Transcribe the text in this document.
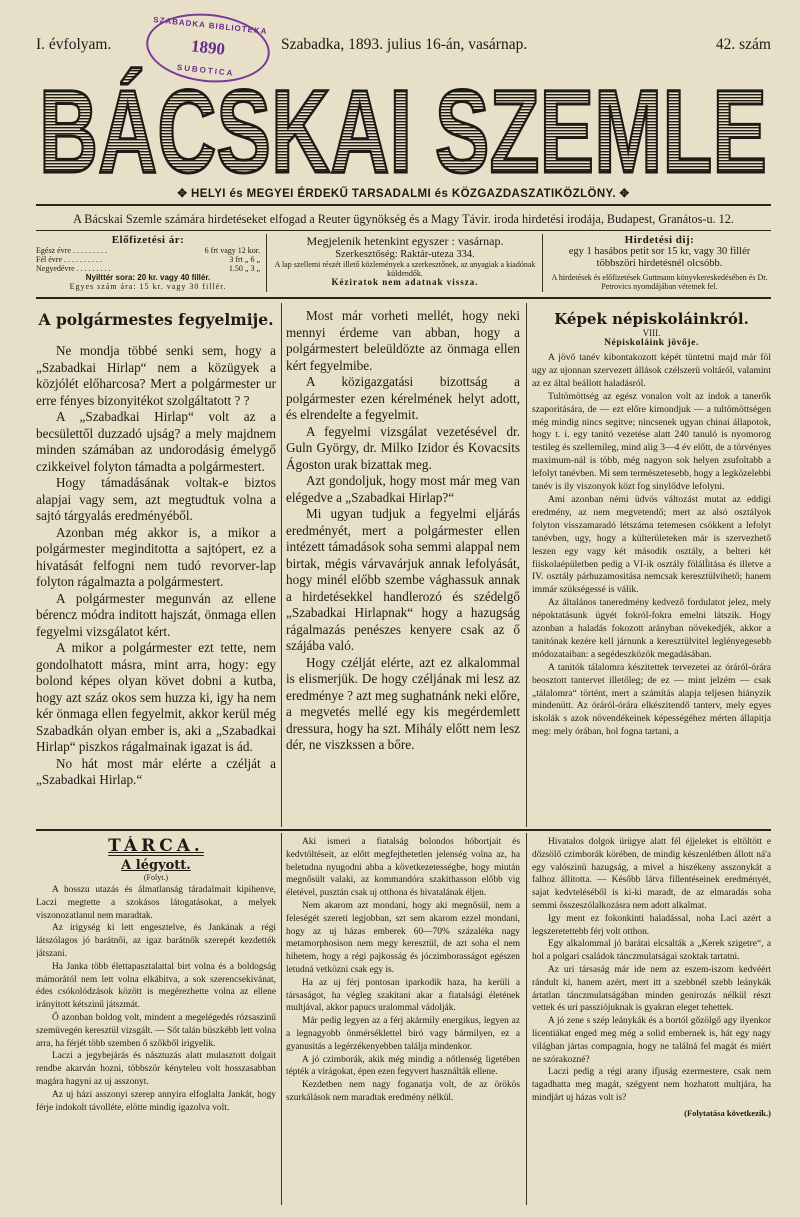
I. évfolyam.	Szabadka, 1893. julius 16-án, vasárnap.	42. szám
SZABADKA BIBLIOTEKA
1890
SUBOTICA
BÁCSKAI SZEMLE
✥ HELYI és MEGYEI ÉRDEKŰ TARSADALMI és KÖZGAZDASZATIKÖZLÖNY. ✥
A Bácskai Szemle számára hirdetéseket elfogad a Reuter ügynökség és a Magy Távir. iroda hirdetési irodája, Budapest, Granátos-u. 12.
Előfizetési ár:
Egész évre . . . . . . . . .	6 frt vagy 12 kor.
Fél évre . . . . . . . . . .	3 frt „ 6 „
Negyedévre . . . . . . . . .	1.50 „ 3 „
Nyilttér sora: 20 kr. vagy 40 fillér.
Egyes szám ára: 15 kr. vagy 30 fillér.
Megjelenik hetenkint egyszer : vasárnap.
Szerkesztőség: Raktár-uteza 334.
A lap szellemi részét illető közlemények a szerkesztőnek, az anyagiak a kiadónak küldendők.
Kéziratok nem adatnak vissza.
Hirdetési dij:
egy 1 hasábos petit sor 15 kr, vagy 30 fillér többszöri hirdetésnél olcsóbb.
A hirdetések és előfizetések Guttmann könyvkereskedésében és Dr. Petrovics nyomdájában vétetnek fel.
A polgármestes fegyelmije.

Ne mondja többé senki sem, hogy a „Szabadkai Hirlap“ nem a közügyek a közjólét előharcosa? Mert a polgármester ur erre fényes bizonyitékot szolgáltatott ? ?

A „Szabadkai Hirlap“ volt az a becsülettől duzzadó ujság? a mely majdnem minden számában az undorodásig émelygő czikkeivel folyton támadta a polgármestert.

Hogy támadásának voltak-e biztos alapjai vagy sem, azt megtudtuk volna a sajtó tárgyalás eredményéből.

Azonban még akkor is, a mikor a polgármester meginditotta a sajtópert, ez a hivatását felfogni nem tudó revorver-lap folyton rágalmazta a polgármestert.

A polgármester megunván az ellene bérencz módra inditott hajszát, önmaga ellen fegyelmi vizsgálatot kért.

A mikor a polgármester ezt tette, nem gondolhatott másra, mint arra, hogy: egy bolond képes olyan követ dobni a kutba, hogy azt száz okos sem huzza ki, igy ha nem kér önmaga ellen fegyelmit, akkor kerül még Szabadkán olyan ember is, aki a „Szabadkai Hirlap“ piszkos rágalmainak igazat is ád.

No hát most már elérte a czélját a „Szabadkai Hirlap.“

Most már vorheti mellét, hogy neki mennyi érdeme van abban, hogy a polgármestert beleüldözte az önmaga ellen kért fegyelmibe.

A közigazgatási bizottság a polgármester ezen kérelmének helyt adott, és elrendelte a fegyelmit.

A fegyelmi vizsgálat vezetésével dr. Guln György, dr. Milko Izidor és Kovacsits Ágoston urak bizattak meg.

Azt gondoljuk, hogy most már meg van elégedve a „Szabadkai Hirlap?“

Mi ugyan tudjuk a fegyelmi eljárás eredményét, mert a polgármester ellen intézett támadások soha semmi alappal nem birtak, mégis várvavárjuk annak lefolyását, hogy minél előbb szembe vághassuk annak a hirdetésekkel handlerozó és szédelgő „Szabadkai Hirlapnak“ hogy a hazugság rágalmazás penészes kenyere csak az ő szájába való.

Hogy czélját elérte, azt ez alkalommal is elismerjük. De hogy czéljának mi lesz az eredménye ? azt meg sughatnánk neki előre, a megvetés mellé egy kis megérdemlett dressura, hogy ha szt. Mihály előtt nem lesz dér, ne viszkssen a bőre.

Képek népiskoláinkról.
VIII.
Népiskoláink jövője.

A jövő tanév kibontakozott képét tüntetni majd már föl ugy az ujonnan szervezett állások czélszerü voltáról, valamint az ez által beállott haladásról.

Tultömöttség az egész vonalon volt az indok a tanerők szaporitására, de — ezt előre kimondjuk — a tultömöttségen még mindig nincs segitve; nincsenek ugyan chinai állapotok, hogy t. i. egy tanitó vezetése alatt 240 tanuló is nyomorog testileg és szellemileg, mind alig 3—4 év előtt, de a törvényes maximum-nál is több, még nagyon sok helyen zsufoltabb a lefolyt tanévben. Mi sem természetesebb, hogy a legközelebbi tanév is ily viszonyok közt fog sinylődve lefolyni.

Ami azonban némi üdvös változást mutat az eddigi eredmény, az nem megvetendő; mert az alsó osztályok folyton visszamaradó létszáma tetemesen csökkent a lefolyt tanévben, ugy, hogy a külterületeken már is szervezhető leszen egy vagy két második osztály, a belteri két fiiskolaépületben pedig a VI-ik osztály fölálĺitása és illetve a IV. osztály párhuzamositása nemcsak keresztülvihető; hanem immár szükségessé is válik.

Az általános taneredmény kedvező fordulatot jelez, mely népoktatásunk ügyét fokról-fokra emelni látszik. Hogy azonban a haladás fokozott arányban növekedjék, akkor a tanitónak kezére kell járnunk a keresztülvitel leglényegesebb módozataiban: a segédeszközök megadásában.

A tanitók tálalomra készitettek tervezetei az óráról-órára beosztott tantervet illetőleg; de ez — mint jelzém — csak „tálalomra“ történt, mert a számítás alapja teljesen hiányzik mindenütt. Az óráról-órára elkészitendő tanterv, mely egyes iskolák s azok növendékeinek képességéhez mérten állapitja meg: mely órában, hol fogna tartani, a

TÁRCA.
A légyott.
(Folyt.)

A hosszu utazás és álmatlanság táradalmait kipihenve, Laczi megtette a szokásos látogatásokat, a melyek viszonozatlanul nem maradtak.

Az irigység ki lett engesztelve, és Jankának a régi látszólagos jó barátnői, az igaz barátnők szerepét kezdették játszani.

Ha Janka több élettapasztalattal birt volna és a boldogság mámorától nem lett volna elkábitva, a sok szerencsekivánat, édes csókolódzások között is megérezhette volna az ellene irányitott kétszinű játszmát.

Ő azonban boldog volt, mindent a megelégedés rózsaszinű szemüvegén keresztül vizsgált. — Sőt talán büszkébb lett volna arra, ha férjét több szemben ő szőkből irigyelik.

Laczi a jegybejárás és násztuzás alatt mulasztott dolgait rendbe akarván hozni, többször kényteleu volt hosszasabban magára hagyni az uj asszonyt.

Az uj házi asszonyi szerep annyira elfoglalta Jankát, hogy férje indokolt távolléte, elötte mindig igazolva volt.

Aki ismeri a fiatalság bolondos hóbortjait és kedvtöltéseit, az előtt megfejthetetlen jelenség volna az, ha beletudna nyugodni abba a következetességbe, hogy miután megnősült valaki, az kommandóra szakithasson előbb vig életével, pusztán csak uj otthona és hivatalának éljen.

Nem akarom azt mondani, hogy aki megnősül, nem a feleségét szereti legjobban, szt sem akarom ezzel mondani, hogy az uj házas emberek 60—70% százaléka nagy metamorphosison nem megy keresztül, de azt soha el nem hihetem, hogy a régi pajkosság és jóczimborasságot egészen letudná vetközni csak egy is.

Ha az uj férj pontosan iparkodik haza, ha kerüli a társaságot, ha végleg szakitani akar a fiatalsági életének multjával, akkor papucs uralommal vádolják.

Már pedig legyen az a férj akármily energikus, legyen az a legnagyobb önmérséklettel biró vagy bármilyen, ez a gyanusitás a legérzékenyebben találja mindenkor.

A jó czimborák, akik még mindig a nőtlenség ligetében tépték a virágokat, épen ezen fegyvert használták ellene.

Kezdetben nem nagy foganatja volt, de az örökös szurkálások nem maradtak eredmény nélkül.

Hivatalos dolgok ürügye alatt fél éjjeleket is eltöltött e dőzsölő czimborák körében, de mindig készenlétben állott ná'a egy valószinü hazugság, a mivel a hiszékeny asszonykát a falhoz állitotta. — Később látva fillentéseinek eredményét, sajat kedvteléséből is ki-ki maradt, de az elmaradás soha semmi összeszólalkozásra nem adott alkalmat.

Igy ment ez fokonkinti haladással, noha Laci azért a legszeretettebb férj volt otthon.

Egy alkalommal jó barátai elcsalták a „Kerek szigetre“, a hol a polgari családok tánczmulatságai szoktak tartatni.

Az uri társaság már ide nem az eszem-iszom kedvéért rándult ki, hanem azért, mert itt a szebbnél szebb leánykák ártatlan tánczmulatságában minden genirozás nélkül részt vettek és uri passziójuknak is gyakran eleget tehettek.

A jó zene s szép leánykák és a bortól gőzölgő agy ilyenkor licentiákat enged meg még a solid embernek is, hát egy nagy világban jártas compagnia, hogy ne találná fel magát és miért ne szórakozné?

Laczi pedig a régi arany ifjuság ezermestere, csak nem tagadhatta meg magát, szégyent nem hozhatott multjára, ha mindjárt uj házas volt is?

(Folytatása következik.)
